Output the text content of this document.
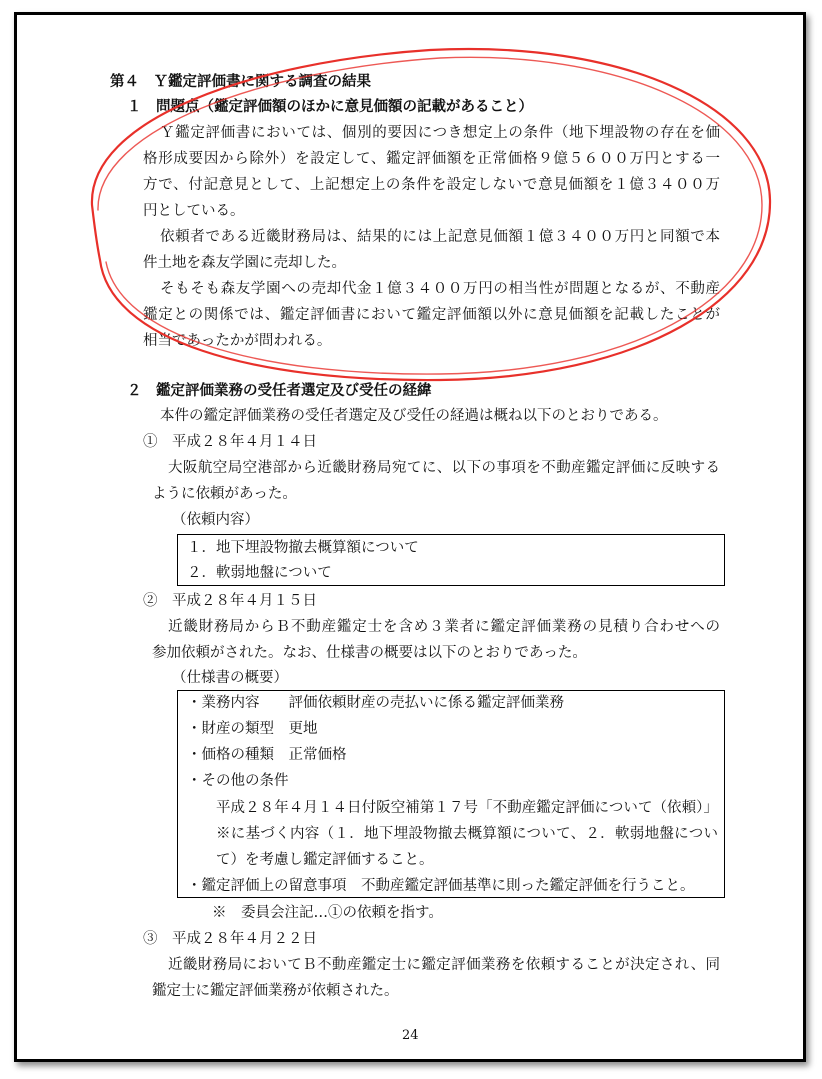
第４　Ｙ鑑定評価書に関する調査の結果
１　問題点（鑑定評価額のほかに意見価額の記載があること）
Ｙ鑑定評価書においては、個別的要因につき想定上の条件（地下埋設物の存在を価
格形成要因から除外）を設定して、鑑定評価額を正常価格９億５６００万円とする一
方で、付記意見として、上記想定上の条件を設定しないで意見価額を１億３４００万
円としている。
依頼者である近畿財務局は、結果的には上記意見価額１億３４００万円と同額で本
件土地を森友学園に売却した。
そもそも森友学園への売却代金１億３４００万円の相当性が問題となるが、不動産
鑑定との関係では、鑑定評価書において鑑定評価額以外に意見価額を記載したことが
相当であったかが問われる。
２　鑑定評価業務の受任者選定及び受任の経緯
本件の鑑定評価業務の受任者選定及び受任の経過は概ね以下のとおりである。
①　平成２８年４月１４日
大阪航空局空港部から近畿財務局宛てに、以下の事項を不動産鑑定評価に反映する
ように依頼があった。
（依頼内容）
１．地下埋設物撤去概算額について
２．軟弱地盤について
②　平成２８年４月１５日
近畿財務局からＢ不動産鑑定士を含め３業者に鑑定評価業務の見積り合わせへの
参加依頼がされた。なお、仕様書の概要は以下のとおりであった。
（仕様書の概要）
・業務内容　　評価依頼財産の売払いに係る鑑定評価業務
・財産の類型　更地
・価格の種類　正常価格
・その他の条件
平成２８年４月１４日付阪空補第１７号「不動産鑑定評価について（依頼）」
※に基づく内容（１．地下埋設物撤去概算額について、２．軟弱地盤につい
て）を考慮し鑑定評価すること。
・鑑定評価上の留意事項　不動産鑑定評価基準に則った鑑定評価を行うこと。
※　委員会注記…①の依頼を指す。
③　平成２８年４月２２日
近畿財務局においてＢ不動産鑑定士に鑑定評価業務を依頼することが決定され、同
鑑定士に鑑定評価業務が依頼された。
24
